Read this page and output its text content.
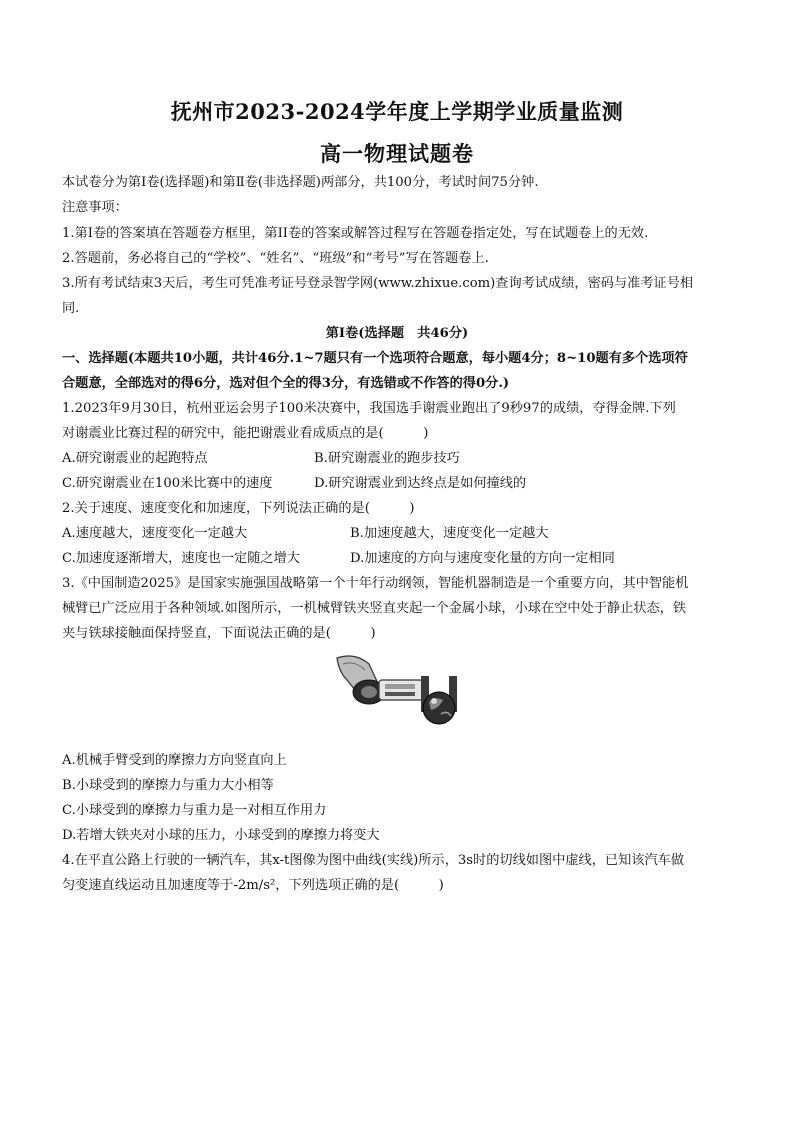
抚州市2023-2024学年度上学期学业质量监测
高一物理试题卷
本试卷分为第Ⅰ卷(选择题)和第Ⅱ卷(非选择题)两部分，共100分，考试时间75分钟.
注意事项：
1.第Ⅰ卷的答案填在答题卷方框里，第ⅠⅠ卷的答案或解答过程写在答题卷指定处，写在试题卷上的无效.
2.答题前，务必将自己的“学校”、“姓名”、“班级”和“考号”写在答题卷上.
3.所有考试结束3天后，考生可凭准考证号登录智学网(www.zhixue.com)查询考试成绩，密码与准考证号相
同.
第Ⅰ卷(选择题　共46分)
一、选择题(本题共10小题，共计46分.1~7题只有一个选项符合题意，每小题4分；8~10题有多个选项符
合题意，全部选对的得6分，选对但个全的得3分，有选错或不作答的得0分.)
1.2023年9月30日，杭州亚运会男子100米决赛中，我国选手谢震业跑出了9秒97的成绩，夺得金牌.下列
对谢震业比赛过程的研究中，能把谢震业看成质点的是(　　　)
A.研究谢震业的起跑特点	B.研究谢震业的跑步技巧
C.研究谢震业在100米比赛中的速度	D.研究谢震业到达终点是如何撞线的
2.关于速度、速度变化和加速度，下列说法正确的是(　　　)
A.速度越大，速度变化一定越大	B.加速度越大，速度变化一定越大
C.加速度逐渐增大，速度也一定随之增大	D.加速度的方向与速度变化量的方向一定相同
3.《中国制造2025》是国家实施强国战略第一个十年行动纲领，智能机器制造是一个重要方向，其中智能机
械臂已广泛应用于各种领域.如图所示，一机械臂铁夹竖直夹起一个金属小球，小球在空中处于静止状态，铁
夹与铁球接触面保持竖直，下面说法正确的是(　　　)
A.机械手臂受到的摩擦力方向竖直向上
B.小球受到的摩擦力与重力大小相等
C.小球受到的摩擦力与重力是一对相互作用力
D.若增大铁夹对小球的压力，小球受到的摩擦力将变大
4.在平直公路上行驶的一辆汽车，其x-t图像为图中曲线(实线)所示，3s时的切线如图中虚线，已知该汽车做
匀变速直线运动且加速度等于-2m/s²，下列选项正确的是(　　　)
